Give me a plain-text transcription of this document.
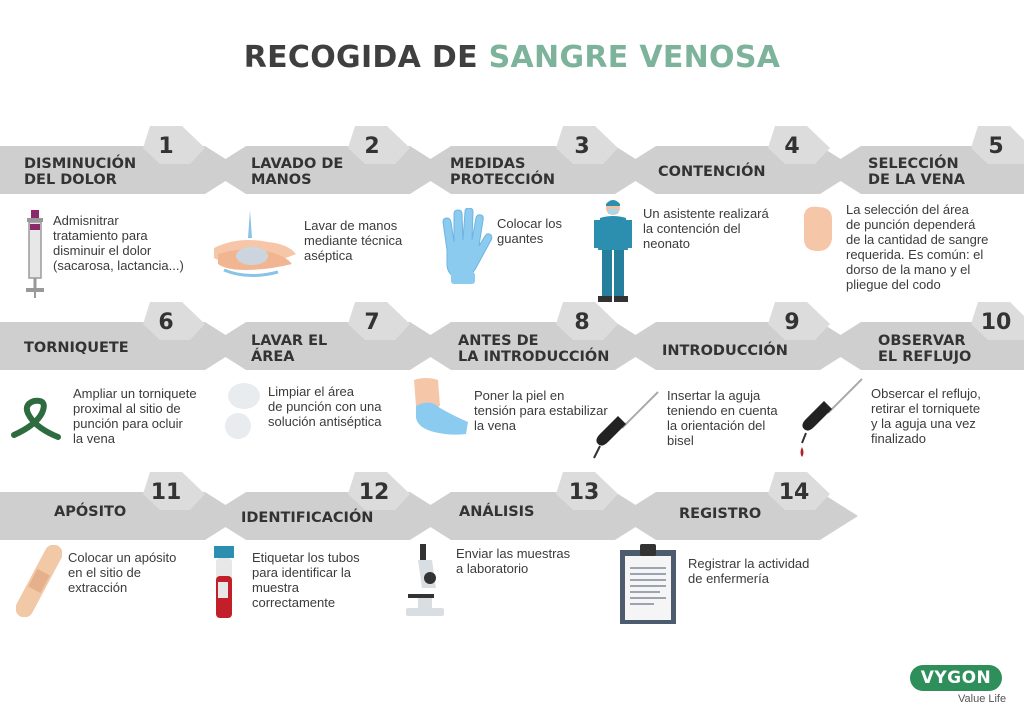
RECOGIDA DE SANGRE VENOSA
1	2	3	4	5
6	7	8	9	10
11	12	13	14
DISMINUCIÓN
DEL DOLOR
LAVADO DE
MANOS
MEDIDAS
PROTECCIÓN	CONTENCIÓN	SELECCIÓN
DE LA VENA
TORNIQUETE	LAVAR EL
ÁREA
ANTES DE
LA INTRODUCCIÓN	INTRODUCCIÓN
OBSERVAR
EL REFLUJO
APÓSITO	IDENTIFICACIÓN	ANÁLISIS	REGISTRO
Admisnitrar
tratamiento para
disminuir el dolor
(sacarosa, lactancia...)
Lavar de manos
mediante técnica
aséptica
Colocar los
guantes
Un asistente realizará
la contención del
neonato
La selección del área
de punción dependerá
de la cantidad de sangre
requerida. Es común: el
dorso de la mano y el
pliegue del codo
Ampliar un torniquete
proximal al sitio de
punción para ocluir
la vena
Limpiar el área
de punción con una
solución antiséptica
Poner la piel en
tensión para estabilizar
la vena
Insertar la aguja
teniendo en cuenta
la orientación del
bisel
Obsercar el reflujo,
retirar el torniquete
y la aguja una vez
finalizado
Colocar un apósito
en el sitio de
extracción
Etiquetar los tubos
para identificar la
muestra
correctamente
Enviar las muestras
a laboratorio	Registrar la actividad
de enfermería
VYGON
Value Life
